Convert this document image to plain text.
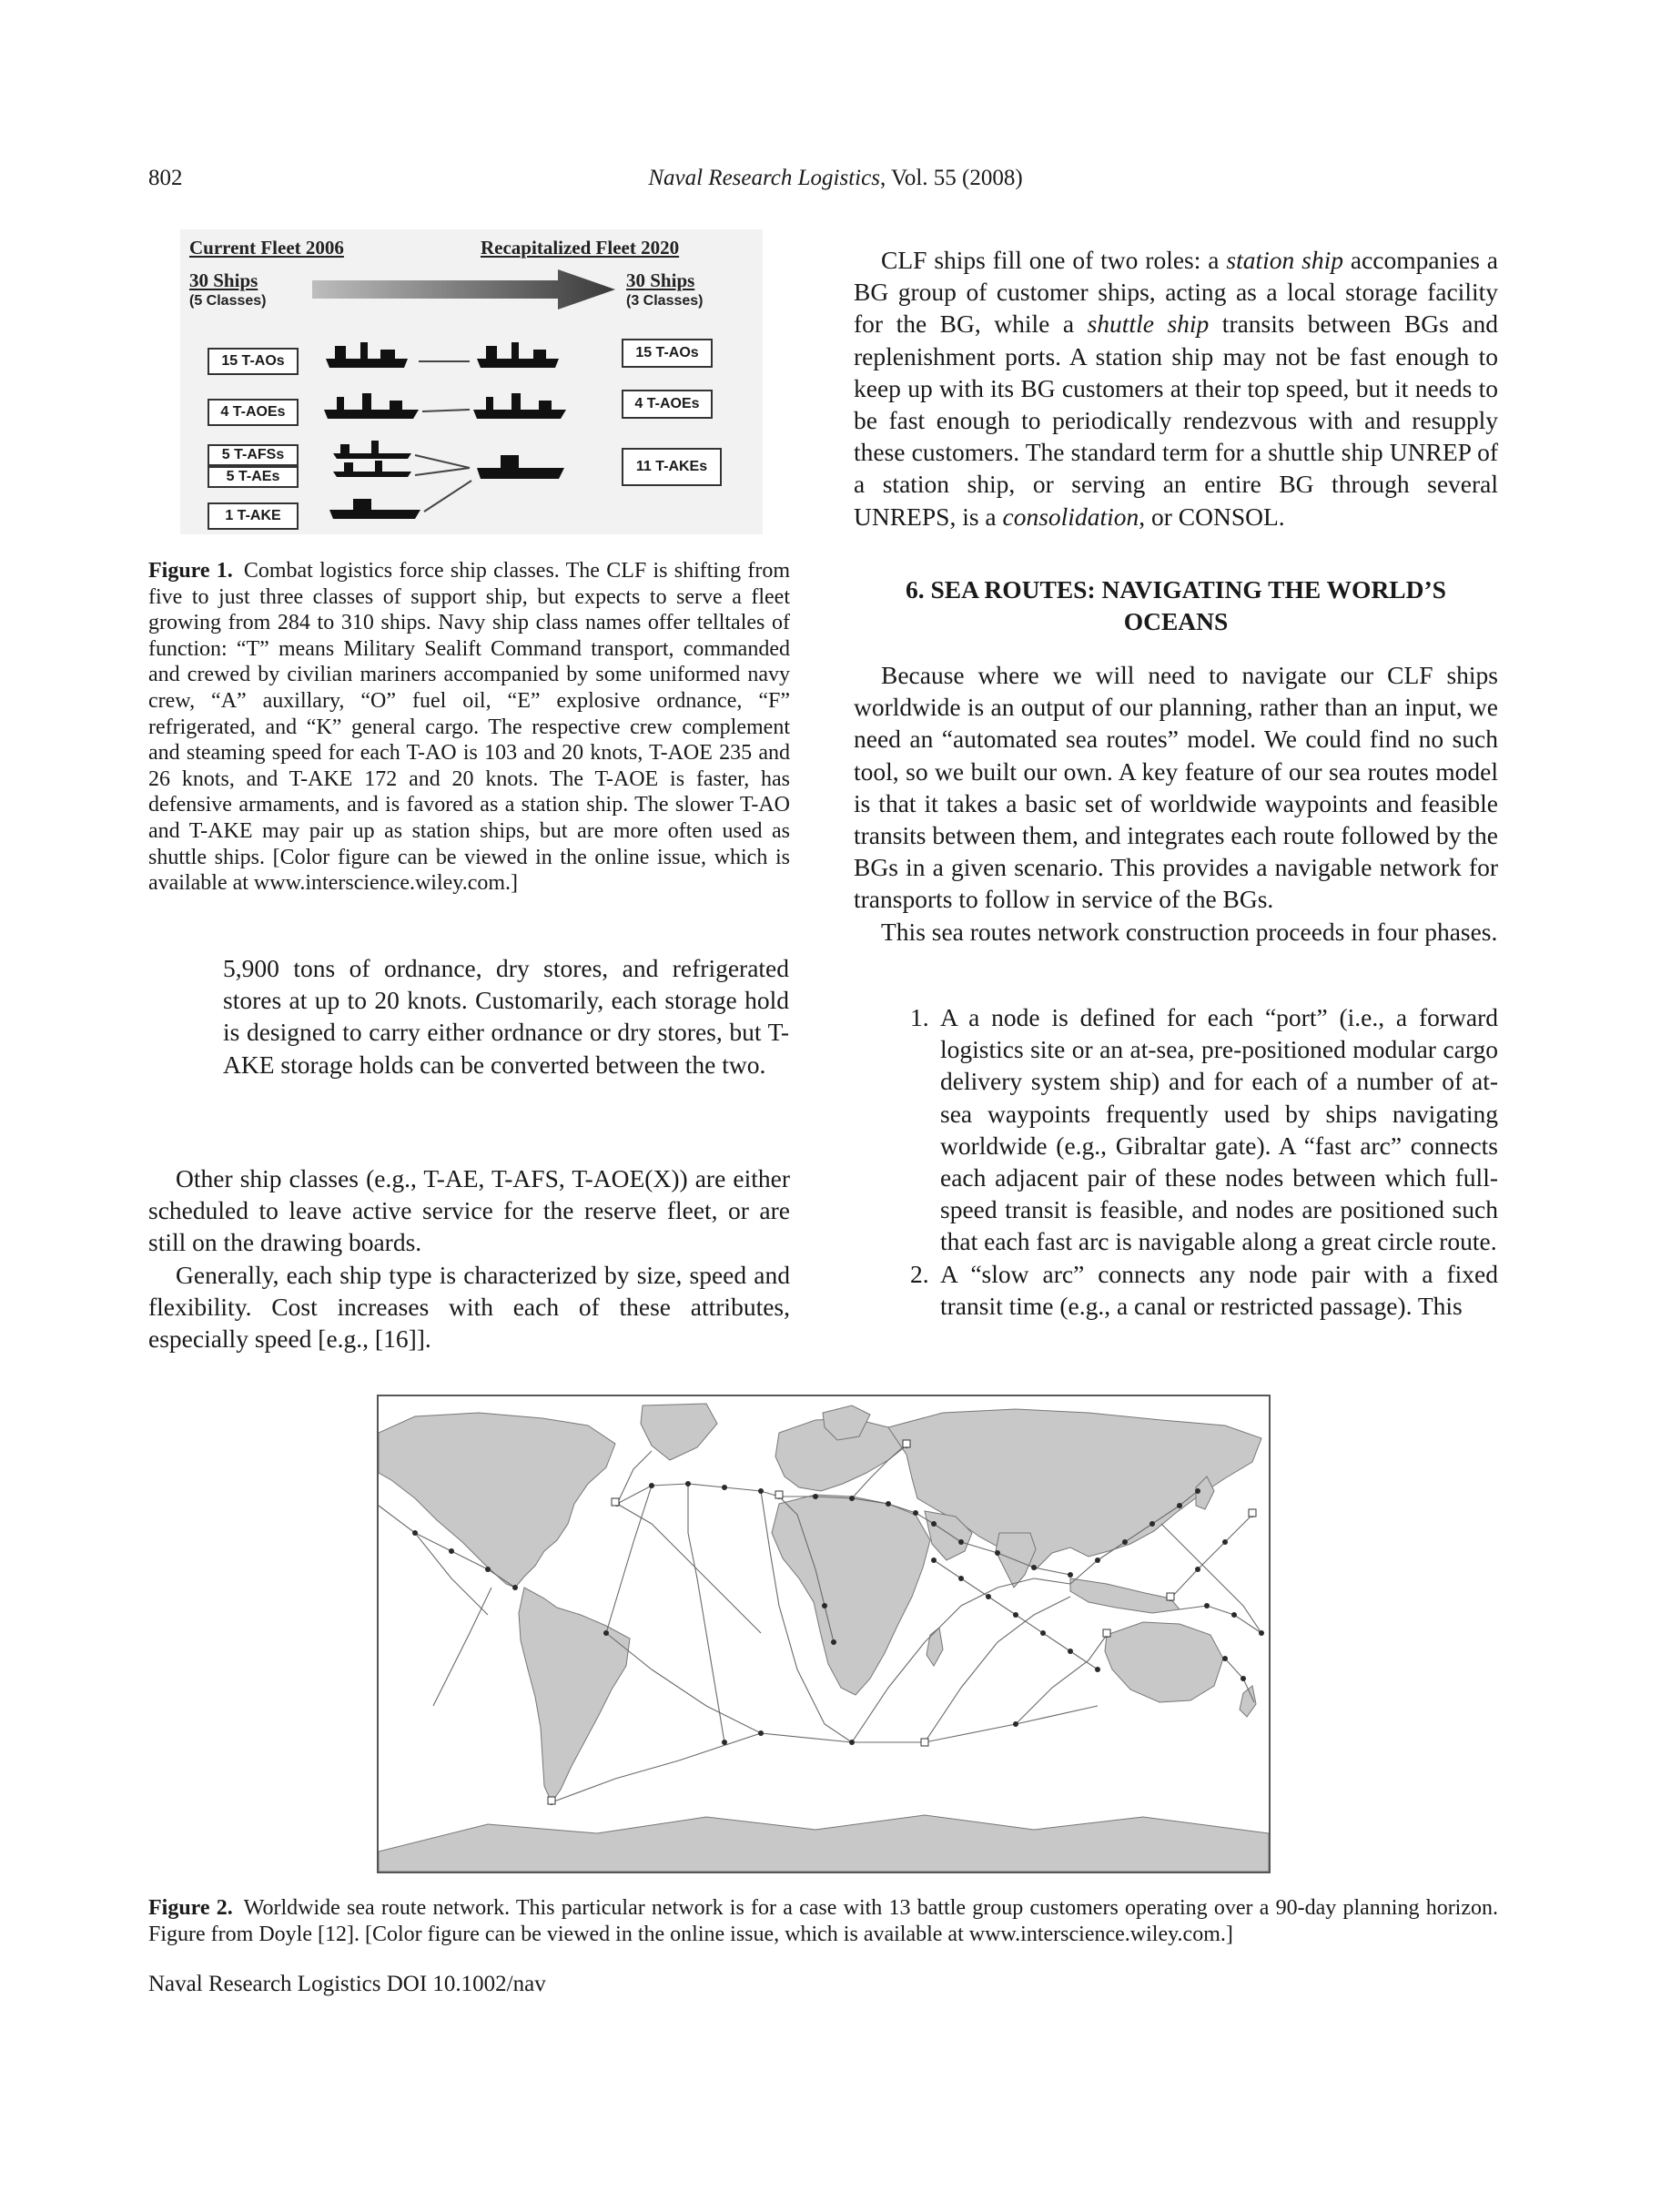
802	Naval Research Logistics, Vol. 55 (2008)
Current Fleet 2006	Recapitalized Fleet 2020
30 Ships
(5 Classes)
30 Ships
(3 Classes)
15 T-AOs
4 T-AOEs
5 T-AFSs
5 T-AEs
1 T-AKE
15 T-AOs
4 T-AOEs
11 T-AKEs

Figure 1. Combat logistics force ship classes. The CLF is shifting from five to just three classes of support ship, but expects to serve a fleet growing from 284 to 310 ships. Navy ship class names offer telltales of function: “T” means Military Sealift Command transport, commanded and crewed by civilian mariners accompanied by some uniformed navy crew, “A” auxillary, “O” fuel oil, “E” explosive ordnance, “F” refrigerated, and “K” general cargo. The respective crew complement and steaming speed for each T-AO is 103 and 20 knots, T-AOE 235 and 26 knots, and T-AKE 172 and 20 knots. The T-AOE is faster, has defensive armaments, and is favored as a station ship. The slower T-AO and T-AKE may pair up as station ships, but are more often used as shuttle ships. [Color figure can be viewed in the online issue, which is available at www.interscience.wiley.com.]

5,900 tons of ordnance, dry stores, and refrigerated stores at up to 20 knots. Customarily, each storage hold is designed to carry either ordnance or dry stores, but T-AKE storage holds can be converted between the two.

Other ship classes (e.g., T-AE, T-AFS, T-AOE(X)) are either scheduled to leave active service for the reserve fleet, or are still on the drawing boards.

Generally, each ship type is characterized by size, speed and flexibility. Cost increases with each of these attributes, especially speed [e.g., [16]].

CLF ships fill one of two roles: a station ship accompanies a BG group of customer ships, acting as a local storage facility for the BG, while a shuttle ship transits between BGs and replenishment ports. A station ship may not be fast enough to keep up with its BG customers at their top speed, but it needs to be fast enough to periodically rendezvous with and resupply these customers. The standard term for a shuttle ship UNREP of a station ship, or serving an entire BG through several UNREPS, is a consolidation, or CONSOL.

6. SEA ROUTES: NAVIGATING THE WORLD’S
OCEANS

Because where we will need to navigate our CLF ships worldwide is an output of our planning, rather than an input, we need an “automated sea routes” model. We could find no such tool, so we built our own. A key feature of our sea routes model is that it takes a basic set of worldwide waypoints and feasible transits between them, and integrates each route followed by the BGs in a given scenario. This provides a navigable network for transports to follow in service of the BGs.

This sea routes network construction proceeds in four phases.

1. A a node is defined for each “port” (i.e., a forward logistics site or an at-sea, pre-positioned modular cargo delivery system ship) and for each of a number of at-sea waypoints frequently used by ships navigating worldwide (e.g., Gibraltar gate). A “fast arc” connects each adjacent pair of these nodes between which full-speed transit is feasible, and nodes are positioned such that each fast arc is navigable along a great circle route.
2. A “slow arc” connects any node pair with a fixed transit time (e.g., a canal or restricted passage). This

Figure 2. Worldwide sea route network. This particular network is for a case with 13 battle group customers operating over a 90-day planning horizon. Figure from Doyle [12]. [Color figure can be viewed in the online issue, which is available at www.interscience.wiley.com.]

Naval Research Logistics DOI 10.1002/nav
